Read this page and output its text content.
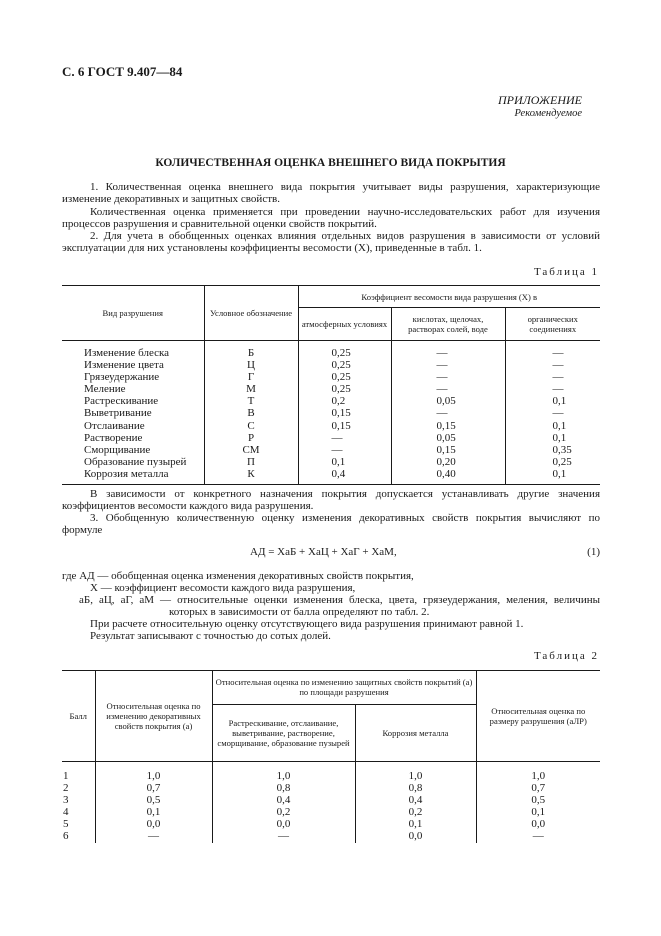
С. 6 ГОСТ 9.407—84
ПРИЛОЖЕНИЕ
Рекомендуемое
КОЛИЧЕСТВЕННАЯ ОЦЕНКА ВНЕШНЕГО ВИДА ПОКРЫТИЯ

1. Количественная оценка внешнего вида покрытия учитывает виды разрушения, характеризующие изменение декоративных и защитных свойств.

Количественная оценка применяется при проведении научно-исследовательских работ для изучения процессов разрушения и сравнительной оценки свойств покрытий.

2. Для учета в обобщенных оценках влияния отдельных видов разрушения в зависимости от условий эксплуатации для них установлены коэффициенты весомости (X), приведенные в табл. 1.

Таблица 1
Вид разрушения	Условное обозначение	Коэффициент весомости вида разрушения (X) в		
		атмосферных условиях	кислотах, щелочах, растворах солей, воде	органических соединениях
Изменение блеска	Б	0,25	—	—
Изменение цвета	Ц	0,25	—	—
Грязеудержание	Г	0,25	—	—
Меление	М	0,25	—	—
Растрескивание	Т	0,2	0,05	0,1
Выветривание	В	0,15	—	—
Отслаивание	С	0,15	0,15	0,1
Растворение	Р	—	0,05	0,1
Сморщивание	СМ	—	0,15	0,35
Образование пузырей	П	0,1	0,20	0,25
Коррозия металла	К	0,4	0,40	0,1

В зависимости от конкретного назначения покрытия допускается устанавливать другие значения коэффициентов весомости каждого вида разрушения.

3. Обобщенную количественную оценку изменения декоративных свойств покрытия вычисляют по формуле

АД = ХаБ + ХаЦ + ХаГ + ХаМ,	(1)
где АД — обобщенная оценка изменения декоративных свойств покрытия,
Х — коэффициент весомости каждого вида разрушения,
аБ, аЦ, аГ, аМ — относительные оценки изменения блеска, цвета, грязеудержания, меления, величины
которых в зависимости от балла определяют по табл. 2.
При расчете относительную оценку отсутствующего вида разрушения принимают равной 1.
Результат записывают с точностью до сотых долей.
Таблица 2
Балл	Относительная оценка по изменению декоративных свойств покрытия (а)	Относительная оценка по изменению защитных свойств покрытий (а) по площади разрушения		Относительная оценка по размеру разрушения (аЛР)
		Растрескивание, отслаивание, выветривание, растворение, сморщивание, образование пузырей	Коррозия металла	
1	1,0	1,0	1,0	1,0
2	0,7	0,8	0,8	0,7
3	0,5	0,4	0,4	0,5
4	0,1	0,2	0,2	0,1
5	0,0	0,0	0,1	0,0
6	—	—	0,0	—
